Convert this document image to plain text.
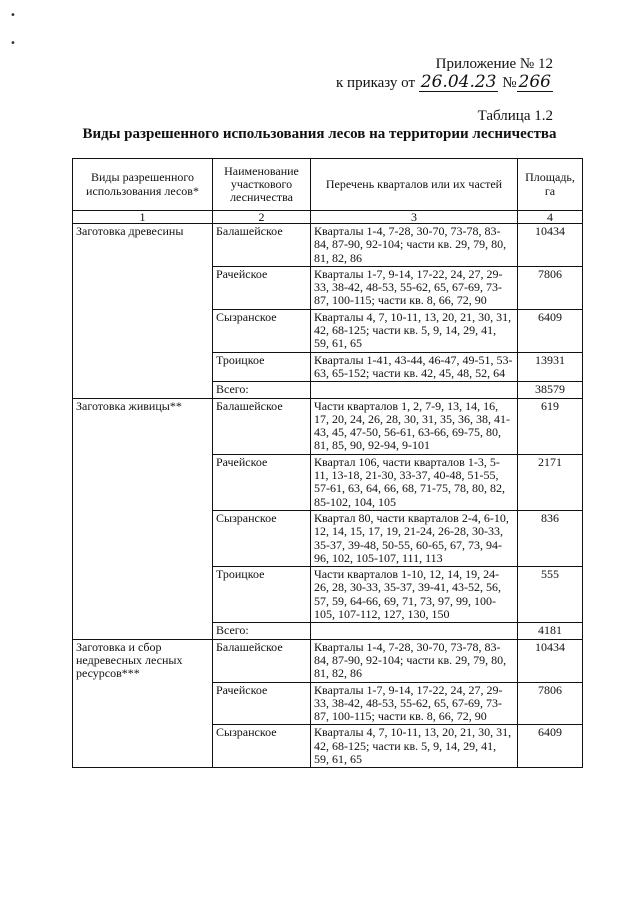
•
•
Приложение № 12
к приказу от 26.04.23 № 266
Таблица 1.2
Виды разрешенного использования лесов на территории лесничества
Виды разрешенного использования лесов*	Наименование участкового лесничества	Перечень кварталов или их частей	Площадь, га
1	2	3	4
Заготовка древесины	Балашейское	Кварталы 1-4, 7-28, 30-70, 73-78, 83-84, 87-90, 92-104; части кв. 29, 79, 80, 81, 82, 86	10434
	Рачейское	Кварталы 1-7, 9-14, 17-22, 24, 27, 29-33, 38-42, 48-53, 55-62, 65, 67-69, 73-87, 100-115; части кв. 8, 66, 72, 90	7806
	Сызранское	Кварталы 4, 7, 10-11, 13, 20, 21, 30, 31, 42, 68-125; части кв. 5, 9, 14, 29, 41, 59, 61, 65	6409
	Троицкое	Кварталы 1-41, 43-44, 46-47, 49-51, 53-63, 65-152; части кв. 42, 45, 48, 52, 64	13931
	Всего:		38579
Заготовка живицы**	Балашейское	Части кварталов 1, 2, 7-9, 13, 14, 16, 17, 20, 24, 26, 28, 30, 31, 35, 36, 38, 41-43, 45, 47-50, 56-61, 63-66, 69-75, 80, 81, 85, 90, 92-94, 9-101	619
	Рачейское	Квартал 106, части кварталов 1-3, 5-11, 13-18, 21-30, 33-37, 40-48, 51-55, 57-61, 63, 64, 66, 68, 71-75, 78, 80, 82, 85-102, 104, 105	2171
	Сызранское	Квартал 80, части кварталов 2-4, 6-10, 12, 14, 15, 17, 19, 21-24, 26-28, 30-33, 35-37, 39-48, 50-55, 60-65, 67, 73, 94-96, 102, 105-107, 111, 113	836
	Троицкое	Части кварталов 1-10, 12, 14, 19, 24-26, 28, 30-33, 35-37, 39-41, 43-52, 56, 57, 59, 64-66, 69, 71, 73, 97, 99, 100-105, 107-112, 127, 130, 150	555
	Всего:		4181
Заготовка и сбор недревесных лесных ресурсов***	Балашейское	Кварталы 1-4, 7-28, 30-70, 73-78, 83-84, 87-90, 92-104; части кв. 29, 79, 80, 81, 82, 86	10434
	Рачейское	Кварталы 1-7, 9-14, 17-22, 24, 27, 29-33, 38-42, 48-53, 55-62, 65, 67-69, 73-87, 100-115; части кв. 8, 66, 72, 90	7806
	Сызранское	Кварталы 4, 7, 10-11, 13, 20, 21, 30, 31, 42, 68-125; части кв. 5, 9, 14, 29, 41, 59, 61, 65	6409
